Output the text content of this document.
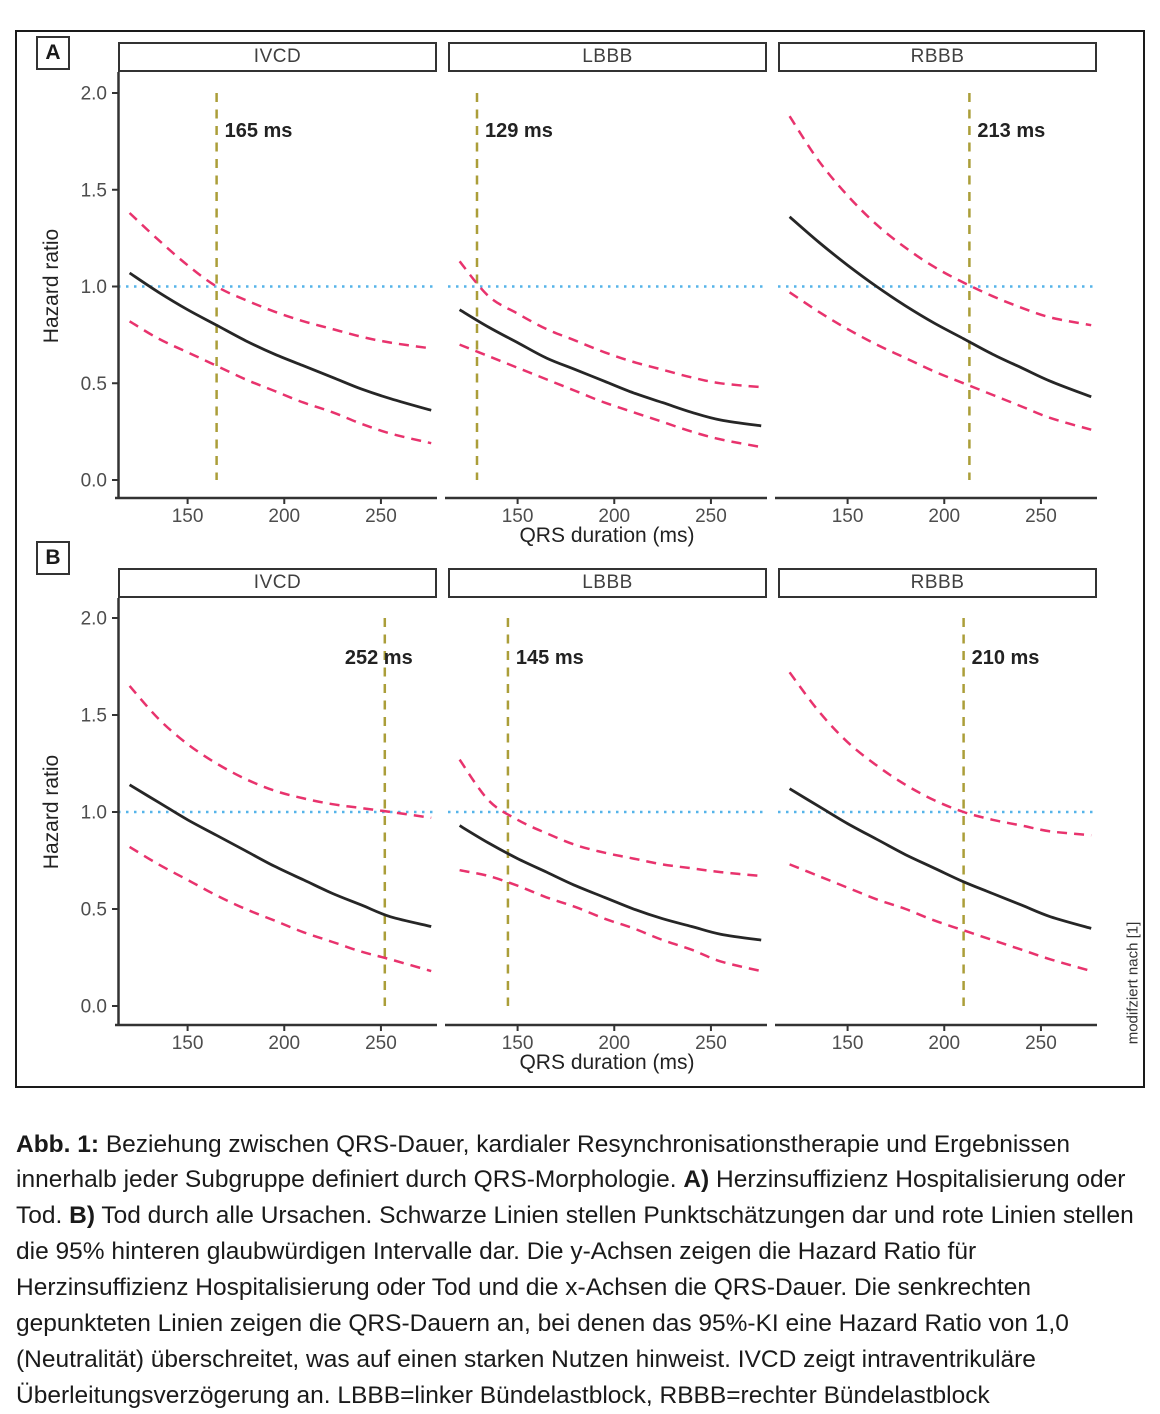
165 ms
150	200	250
2.0
1.5
1.0
0.5
0.0
129 ms
150	200	250
213 ms
150	200	250
252 ms
150	200	250
2.0
1.5
1.0
0.5
0.0
145 ms
150	200	250
210 ms
150	200	250
A	IVCD	LBBB	RBBB
Hazard ratio
QRS duration (ms)
B
IVCD	LBBB	RBBB
Hazard ratio
QRS duration (ms)
modifziert nach [1]

Abb. 1: Beziehung zwischen QRS-Dauer, kardialer Resynchronisationstherapie und Ergebnissen innerhalb jeder Subgruppe definiert durch QRS-Morphologie. A) Herzinsuffizienz Hospitalisierung oder Tod. B) Tod durch alle Ursachen. Schwarze Linien stellen Punktschätzungen dar und rote Linien stellen die 95% hinteren glaubwürdigen Intervalle dar. Die y-Achsen zeigen die Hazard Ratio für Herzinsuffizienz Hospitalisierung oder Tod und die x-Achsen die QRS-Dauer. Die senkrechten gepunkteten Linien zeigen die QRS-Dauern an, bei denen das 95%-KI eine Hazard Ratio von 1,0 (Neutralität) überschreitet, was auf einen starken Nutzen hinweist. IVCD zeigt intraventrikuläre Überleitungsverzögerung an. LBBB=linker Bündelastblock, RBBB=rechter Bündelastblock
